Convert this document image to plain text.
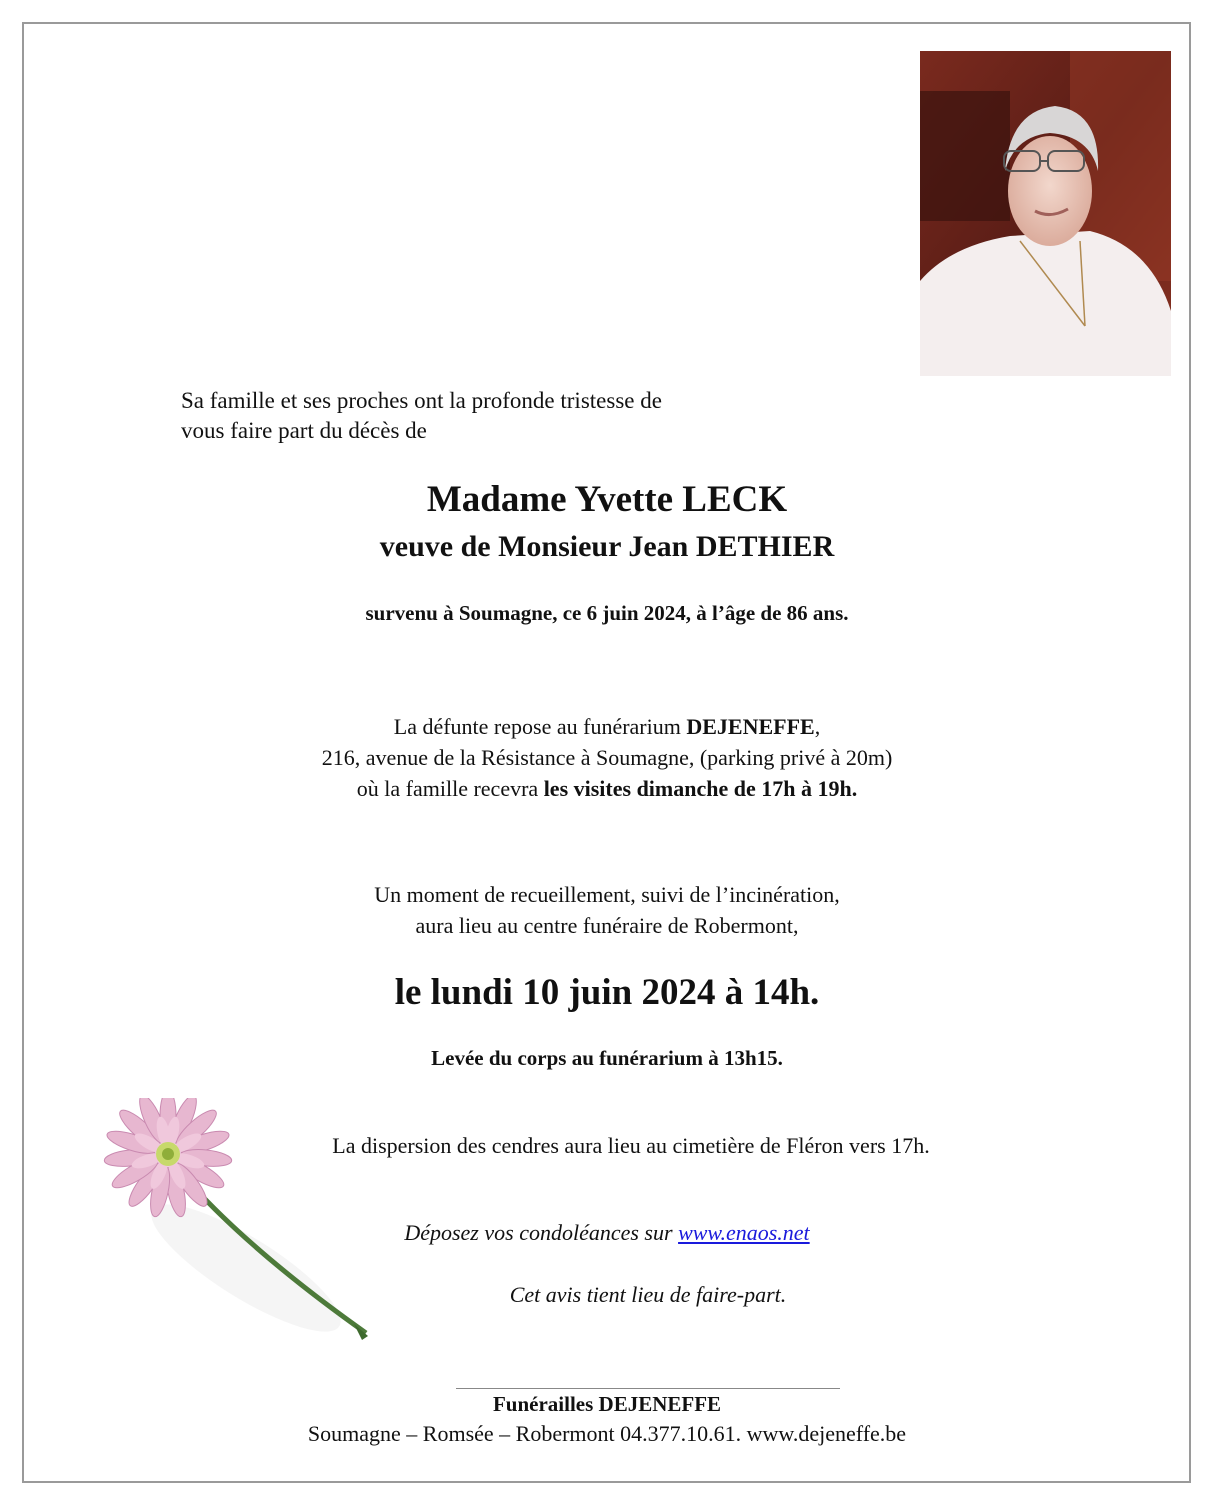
Sa famille et ses proches ont la profonde tristesse de
vous faire part du décès de
Madame Yvette LECK
veuve de Monsieur Jean DETHIER
survenu à Soumagne, ce 6 juin 2024, à l’âge de 86 ans.
La défunte repose au funérarium DEJENEFFE,
216, avenue de la Résistance à Soumagne, (parking privé à 20m)
où la famille recevra les visites dimanche de 17h à 19h.
Un moment de recueillement, suivi de l’incinération,
aura lieu au centre funéraire de Robermont,
le lundi 10 juin 2024 à 14h.
Levée du corps au funérarium à 13h15.
La dispersion des cendres aura lieu au cimetière de Fléron vers 17h.
Déposez vos condoléances sur www.enaos.net
Cet avis tient lieu de faire-part.
Funérailles DEJENEFFE
Soumagne – Romsée – Robermont 04.377.10.61. www.dejeneffe.be
